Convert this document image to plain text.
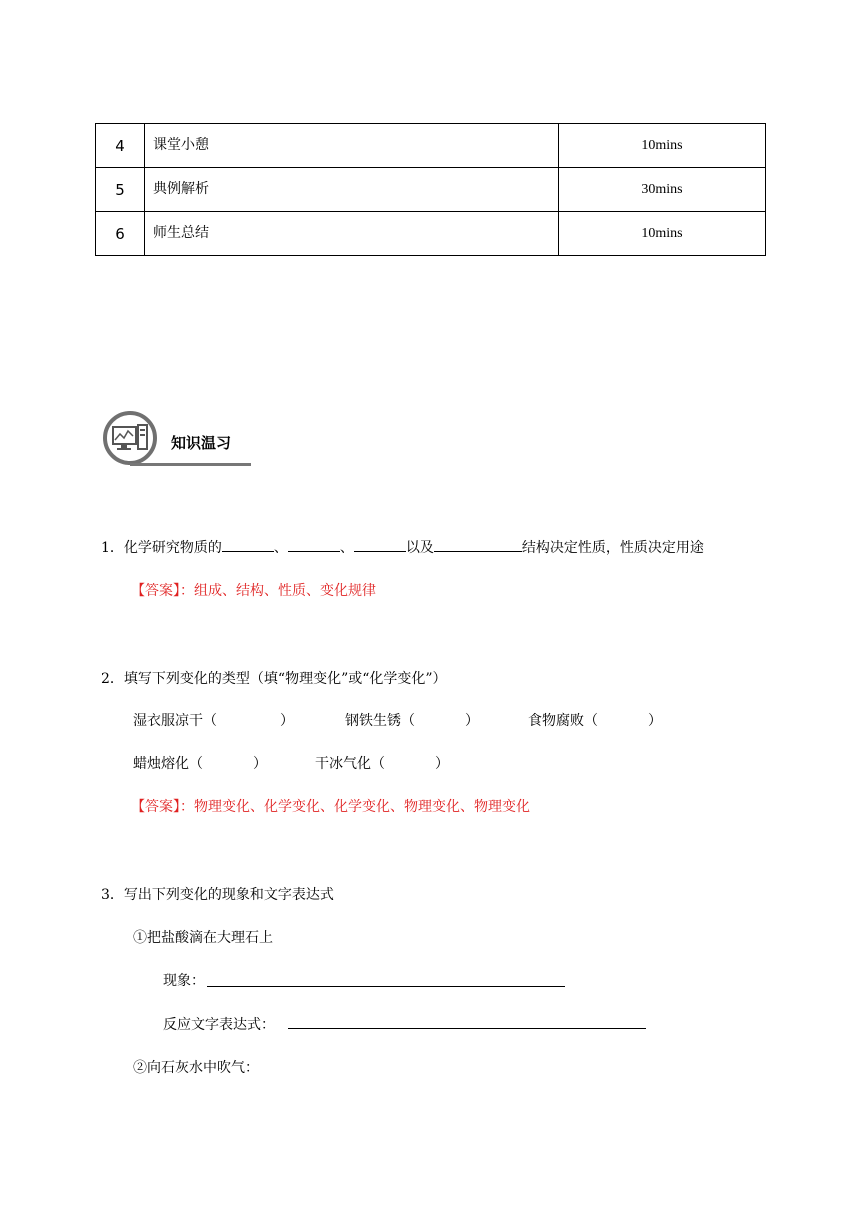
4	课堂小憩	10mins
5	典例解析	30mins
6	师生总结	10mins
知识温习
1．化学研究物质的	、	、	以及	结构决定性质，性质决定用途
【答案】：组成、结构、性质、变化规律
2．填写下列变化的类型（填“物理变化”或“化学变化”）
湿衣服凉干（	）	钢铁生锈（	）	食物腐败（	）
蜡烛熔化（	）	干冰气化（	）
【答案】：物理变化、化学变化、化学变化、物理变化、物理变化
3．写出下列变化的现象和文字表达式
①把盐酸滴在大理石上
现象：
反应文字表达式：
②向石灰水中吹气：
